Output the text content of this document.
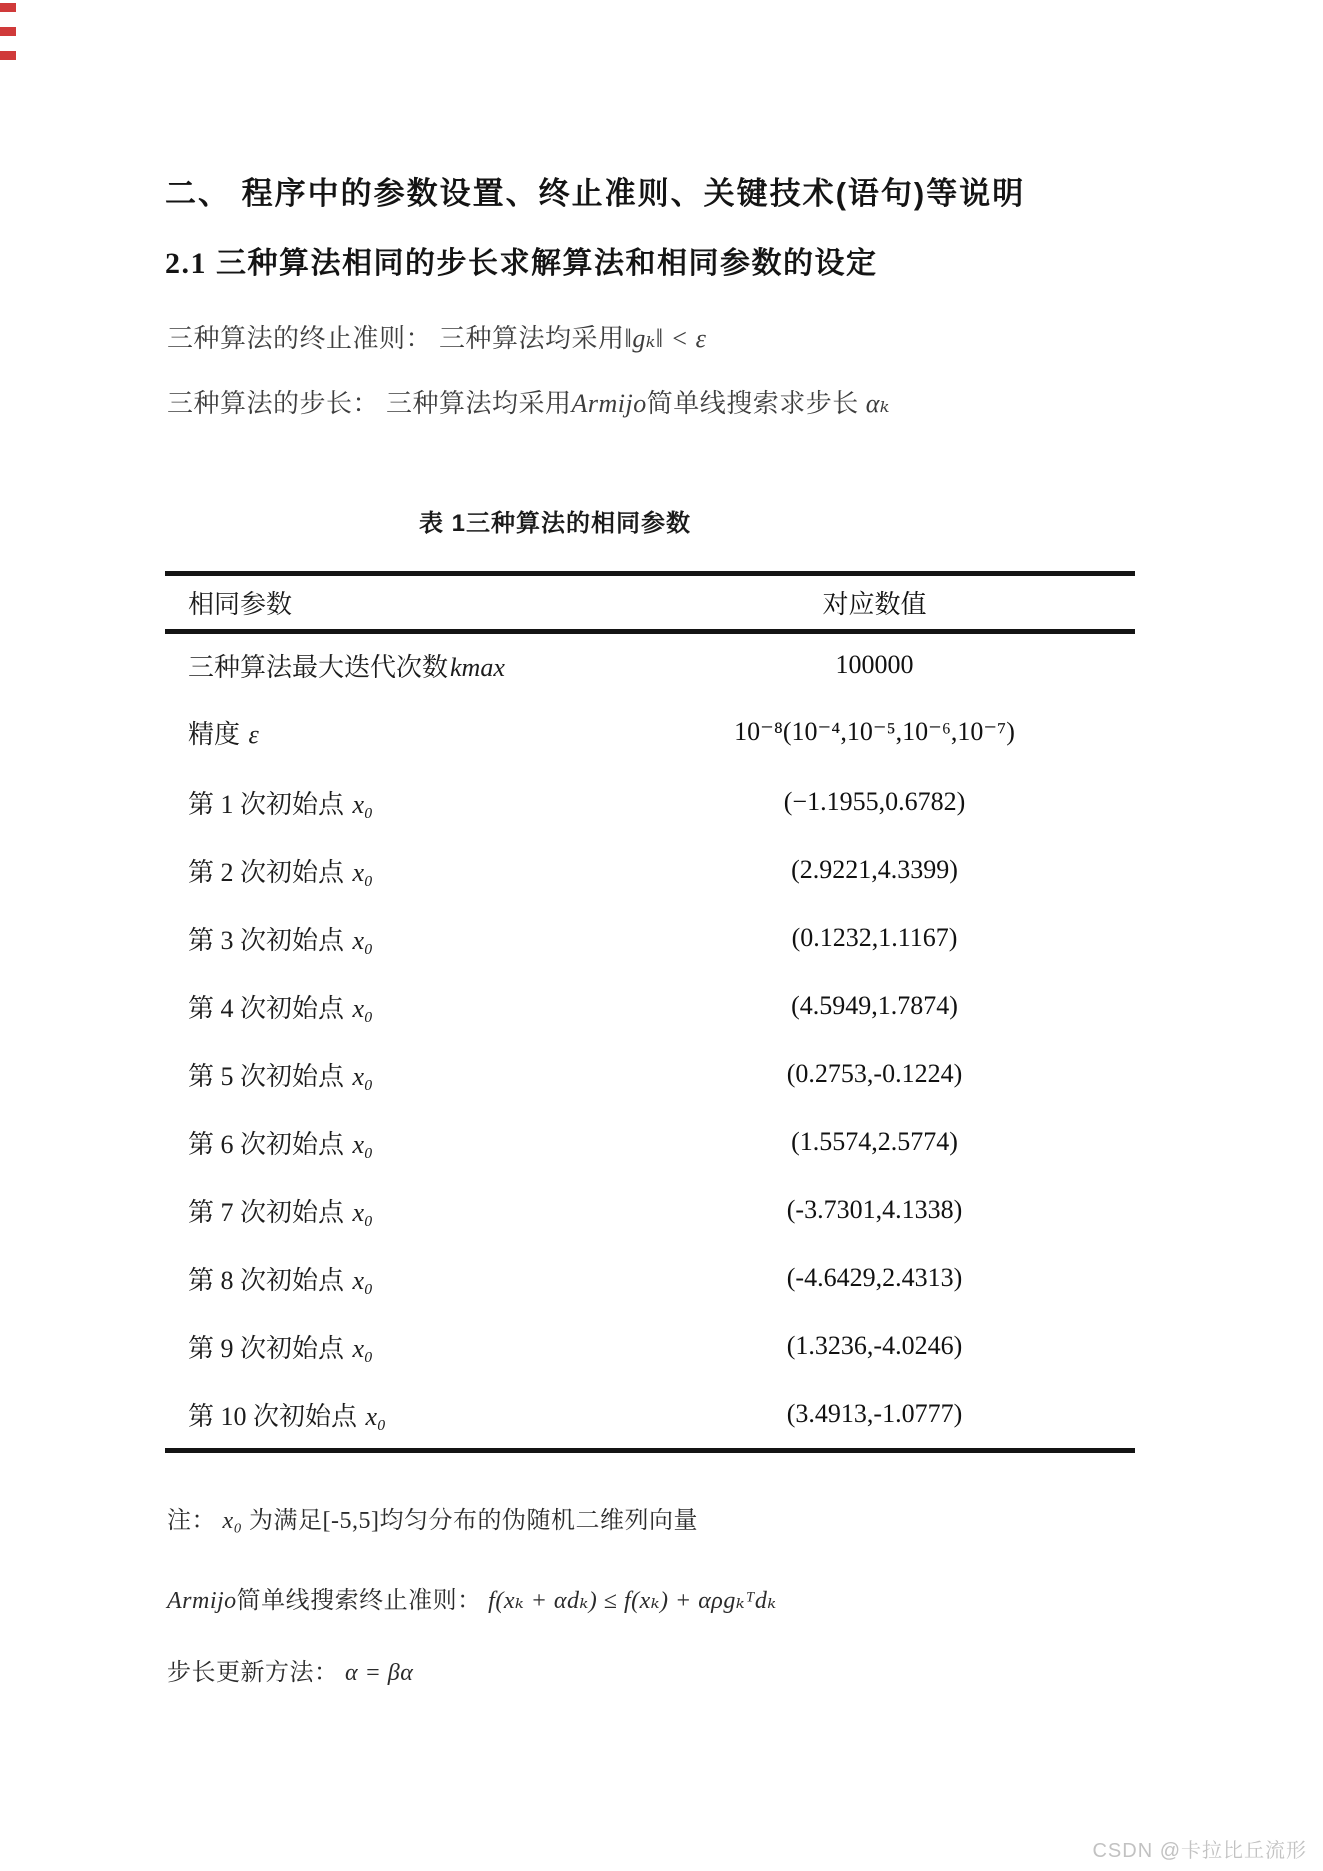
二、 程序中的参数设置、终止准则、关键技术(语句)等说明
2.1 三种算法相同的步长求解算法和相同参数的设定
三种算法的终止准则： 三种算法均采用‖gₖ‖ < ε
三种算法的步长： 三种算法均采用Armijo简单线搜索求步长 αₖ
表 1三种算法的相同参数
相同参数	对应数值
三种算法最大迭代次数kmax	100000
精度 ε	10⁻⁸(10⁻⁴,10⁻⁵,10⁻⁶,10⁻⁷)
第 1 次初始点 x₀	(−1.1955,0.6782)
第 2 次初始点 x₀	(2.9221,4.3399)
第 3 次初始点 x₀	(0.1232,1.1167)
第 4 次初始点 x₀	(4.5949,1.7874)
第 5 次初始点 x₀	(0.2753,-0.1224)
第 6 次初始点 x₀	(1.5574,2.5774)
第 7 次初始点 x₀	(-3.7301,4.1338)
第 8 次初始点 x₀	(-4.6429,2.4313)
第 9 次初始点 x₀	(1.3236,-4.0246)
第 10 次初始点 x₀	(3.4913,-1.0777)
注： x₀ 为满足[-5,5]均匀分布的伪随机二维列向量
Armijo简单线搜索终止准则： f(xₖ + αdₖ) ≤ f(xₖ) + αρgₖᵀdₖ
步长更新方法： α = βα
CSDN @卡拉比丘流形
